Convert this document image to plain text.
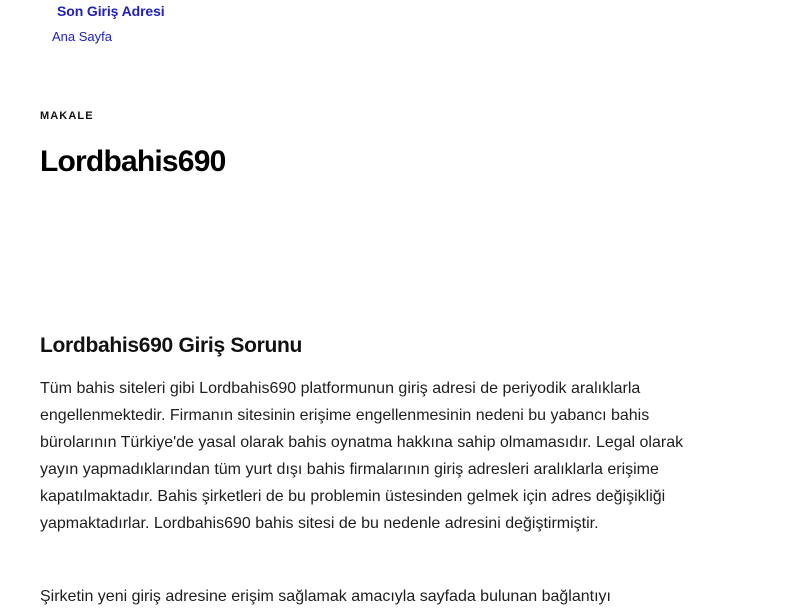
Son Giriş Adresi
Ana Sayfa
MAKALE
Lordbahis690
Lordbahis690 Giriş Sorunu

Tüm bahis siteleri gibi Lordbahis690 platformunun giriş adresi de periyodik aralıklarla engellenmektedir. Firmanın sitesinin erişime engellenmesinin nedeni bu yabancı bahis bürolarının Türkiye'de yasal olarak bahis oynatma hakkına sahip olmamasıdır. Legal olarak yayın yapmadıklarından tüm yurt dışı bahis firmalarının giriş adresleri aralıklarla erişime kapatılmaktadır. Bahis şirketleri de bu problemin üstesinden gelmek için adres değişikliği yapmaktadırlar. Lordbahis690 bahis sitesi de bu nedenle adresini değiştirmiştir.

Şirketin yeni giriş adresine erişim sağlamak amacıyla sayfada bulunan bağlantıyı
